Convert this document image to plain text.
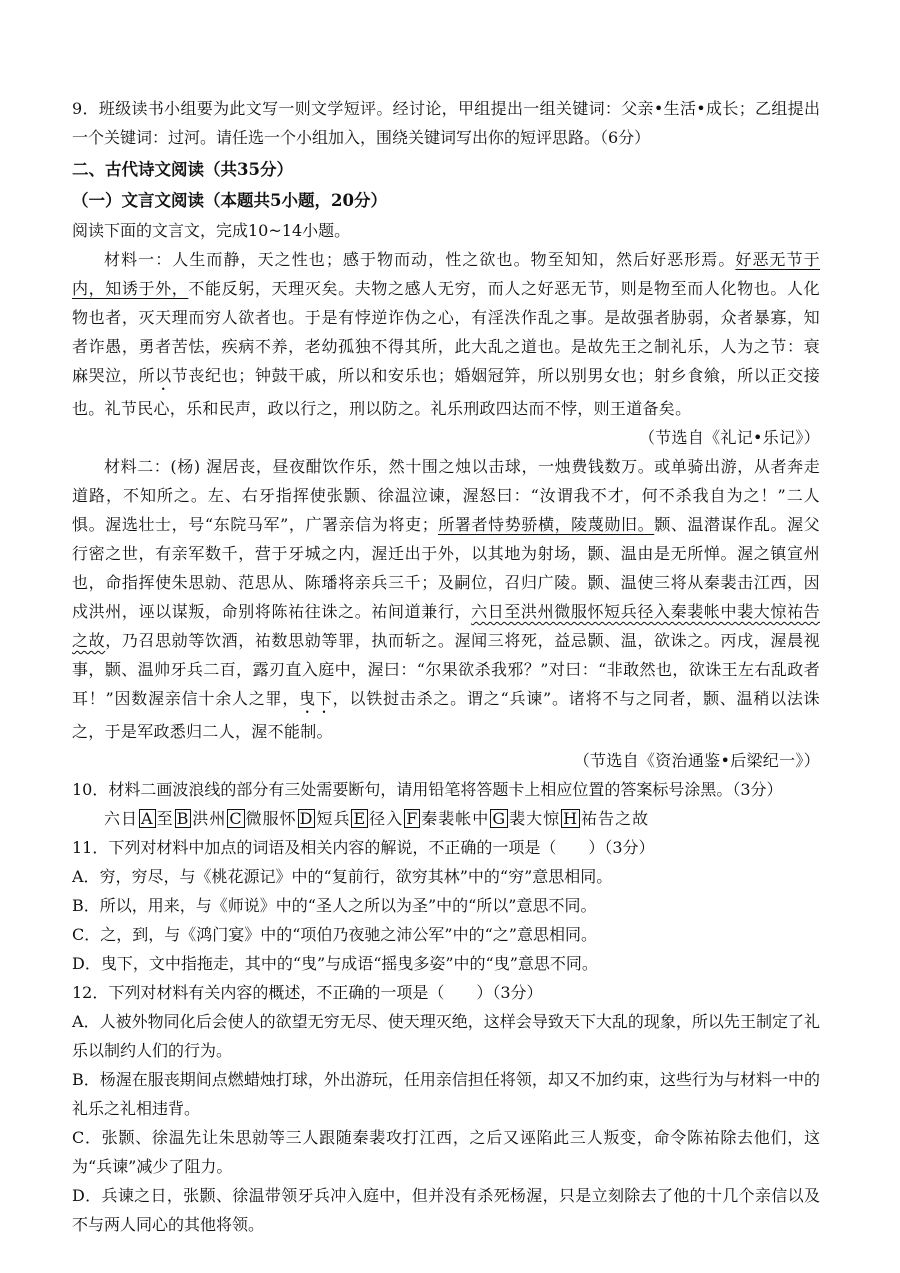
9．班级读书小组要为此文写一则文学短评。经讨论，甲组提出一组关键词：父亲•生活•成长；乙组提出一个关键词：过河。请任选一个小组加入，围绕关键词写出你的短评思路。（6分）

二、古代诗文阅读（共35分）

（一）文言文阅读（本题共5小题，20分）

阅读下面的文言文，完成10~14小题。

材料一：人生而静，天之性也；感于物而动，性之欲也。物至知知，然后好恶形焉。好恶无节于内，知诱于外，不能反躬，天理灭矣。夫物之感人无穷，而人之好恶无节，则是物至而人化物也。人化物也者，灭天理而穷人欲者也。于是有悖逆诈伪之心，有淫泆作乱之事。是故强者胁弱，众者暴寡，知者诈愚，勇者苦怯，疾病不养，老幼孤独不得其所，此大乱之道也。是故先王之制礼乐，人为之节：衰麻哭泣，所以节丧纪也；钟鼓干戚，所以和安乐也；婚姻冠笄，所以别男女也；射乡食飨，所以正交接也。礼节民心，乐和民声，政以行之，刑以防之。礼乐刑政四达而不悖，则王道备矣。

（节选自《礼记•乐记》）

材料二：(杨) 渥居丧，昼夜酣饮作乐，然十围之烛以击球，一烛费钱数万。或单骑出游，从者奔走道路，不知所之。左、右牙指挥使张颢、徐温泣谏，渥怒曰：“汝谓我不才，何不杀我自为之！”二人惧。渥选壮士，号“东院马军”，广署亲信为将吏；所署者恃势骄横，陵蔑勋旧。颢、温潜谋作乱。渥父行密之世，有亲军数千，营于牙城之内，渥迁出于外，以其地为射场，颢、温由是无所惮。渥之镇宣州也，命指挥使朱思勍、范思从、陈璠将亲兵三千；及嗣位，召归广陵。颢、温使三将从秦裴击江西，因戍洪州，诬以谋叛，命别将陈祐往诛之。祐间道兼行，六日至洪州微服怀短兵径入秦裴帐中裴大惊祐告之故，乃召思勍等饮酒，祐数思勍等罪，执而斩之。渥闻三将死，益忌颢、温，欲诛之。丙戌，渥晨视事，颢、温帅牙兵二百，露刃直入庭中，渥曰：“尔果欲杀我邪？”对曰：“非敢然也，欲诛王左右乱政者耳！”因数渥亲信十余人之罪，曳下，以铁挝击杀之。谓之“兵谏”。诸将不与之同者，颢、温稍以法诛之，于是军政悉归二人，渥不能制。

（节选自《资治通鉴•后梁纪一》）

10．材料二画波浪线的部分有三处需要断句，请用铅笔将答题卡上相应位置的答案标号涂黑。（3分）

六日 A 至 B 洪州 C 微服怀 D 短兵 E 径入 F 秦裴帐中 G 裴大惊 H 祐告之故

11．下列对材料中加点的词语及相关内容的解说，不正确的一项是（　　）（3分）

A．穷，穷尽，与《桃花源记》中的“复前行，欲穷其林”中的“穷”意思相同。

B．所以，用来，与《师说》中的“圣人之所以为圣”中的“所以”意思不同。

C．之，到，与《鸿门宴》中的“项伯乃夜驰之沛公军”中的“之”意思相同。

D．曳下，文中指拖走，其中的“曳”与成语“摇曳多姿”中的“曳”意思不同。

12．下列对材料有关内容的概述，不正确的一项是（　　）（3分）

A．人被外物同化后会使人的欲望无穷无尽、使天理灭绝，这样会导致天下大乱的现象，所以先王制定了礼乐以制约人们的行为。

B．杨渥在服丧期间点燃蜡烛打球，外出游玩，任用亲信担任将领，却又不加约束，这些行为与材料一中的礼乐之礼相违背。

C．张颢、徐温先让朱思勍等三人跟随秦裴攻打江西，之后又诬陷此三人叛变，命令陈祐除去他们，这为“兵谏”减少了阻力。

D．兵谏之日，张颢、徐温带领牙兵冲入庭中，但并没有杀死杨渥，只是立刻除去了他的十几个亲信以及不与两人同心的其他将领。
